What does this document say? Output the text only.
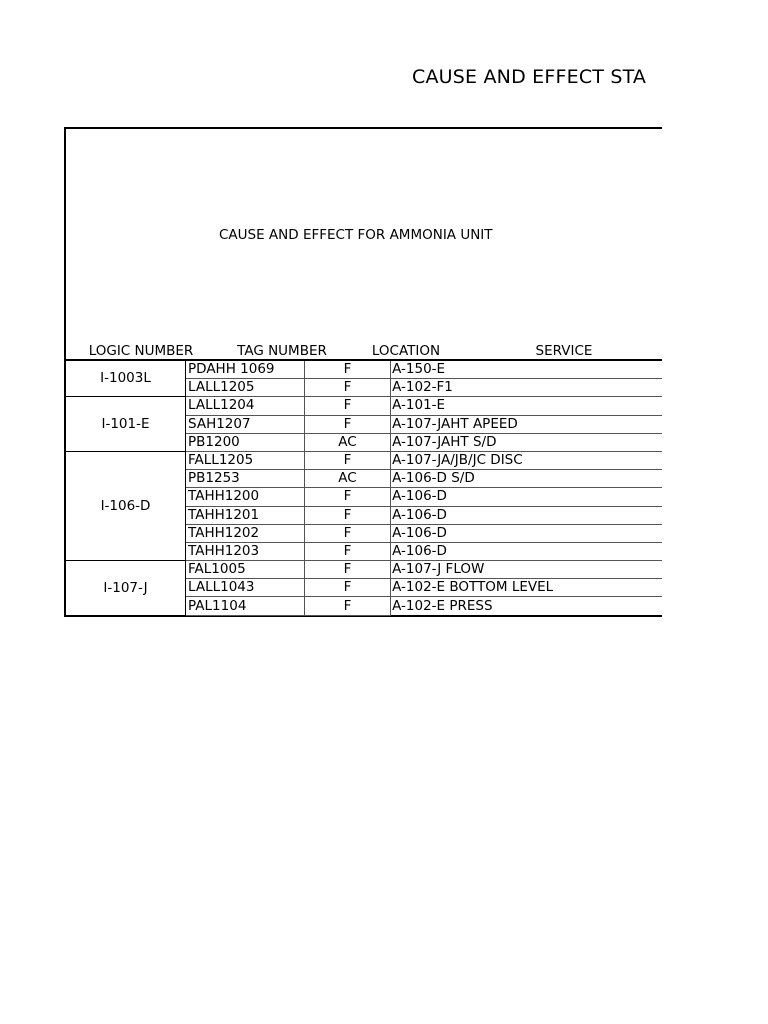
CAUSE AND EFFECT STA
CAUSE AND EFFECT FOR AMMONIA UNIT
LOGIC NUMBER	TAG NUMBER	LOCATION	SERVICE
I-1003L	PDAHH 1069	F	A-150-E
	LALL1205	F	A-102-F1
I-101-E	LALL1204	F	A-101-E
	SAH1207	F	A-107-JAHT APEED
	PB1200	AC	A-107-JAHT S/D
I-106-D	FALL1205	F	A-107-JA/JB/JC DISC
	PB1253	AC	A-106-D S/D
	TAHH1200	F	A-106-D
	TAHH1201	F	A-106-D
	TAHH1202	F	A-106-D
	TAHH1203	F	A-106-D
I-107-J	FAL1005	F	A-107-J FLOW
	LALL1043	F	A-102-E BOTTOM LEVEL
	PAL1104	F	A-102-E PRESS
